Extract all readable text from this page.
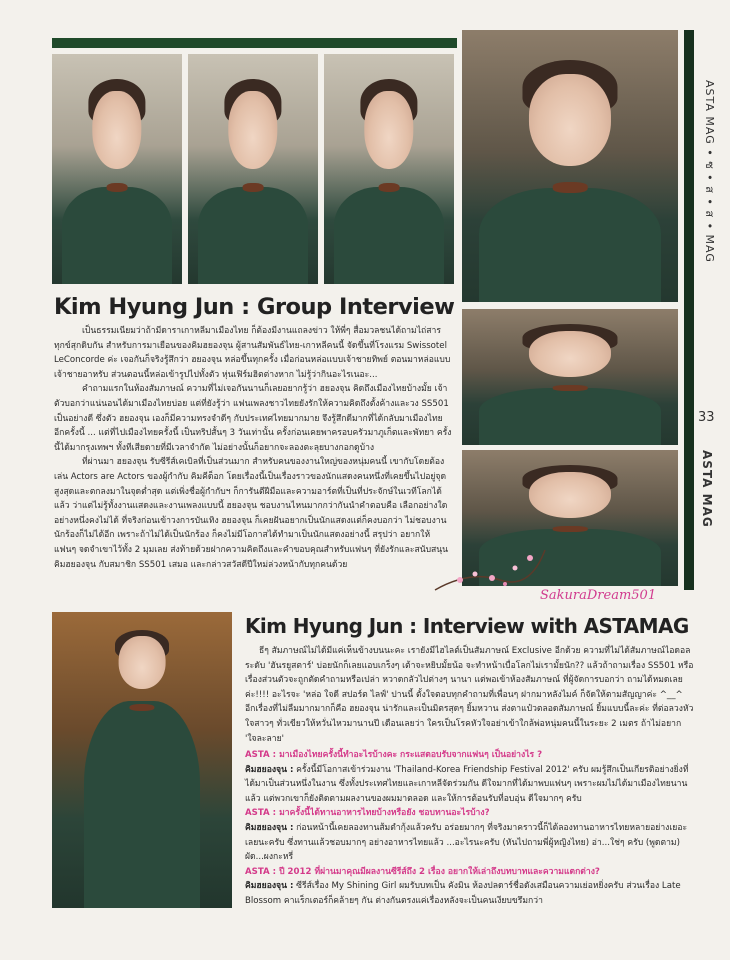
ASTA MAG • ซ • ส • ส • MAG
33
ASTA MAG
Kim Hyung Jun : Group Interview

เป็นธรรมเนียมว่าถ้ามีดาราเกาหลีมาเมืองไทย ก็ต้องมีงานแถลงข่าว ให้พี่ๆ สื่อมวลชนได้ถามไถ่สารทุกข์สุกดิบกัน สำหรับการมาเยือนของคิมฮยองจุน ผู้สานสัมพันธ์ไทย-เกาหลีคนนี้ จัดขึ้นที่โรงแรม Swissotel LeConcorde ค่ะ เจอกันก็จริงรู้สึกว่า ฮยองจุน หล่อขึ้นทุกครั้ง เมื่อก่อนหล่อแบบเจ้าชายทิพย์ ตอนมาหล่อแบบเจ้าชายอาหรับ ส่วนตอนนี้หล่อเข้ารูปไปทั้งตัว หุ่นเฟิร์มฮิตต่างหาก ไม่รู้ว่ากินอะไรเนอะ...

คำถามแรกในห้องสัมภาษณ์ ความที่ไม่เจอกันนานก็เลยอยากรู้ว่า ฮยองจุน คิดถึงเมืองไทยบ้างมั้ย เจ้าตัวบอกว่าแน่นอนได้มาเมืองไทยบ่อย แต่ที่ยังรู้ว่า แฟนเพลงชาวไทยยังรักให้ความคิดถึงตั้งค้างและวง SS501 เป็นอย่างดี ซึ่งตัว ฮยองจุน เองก็มีความทรงจำดีๆ กับประเทศไทยมากมาย จึงรู้สึกดีมากที่ได้กลับมาเมืองไทยอีกครั้งนี้ ... แต่ที่ไปเมืองไทยครั้งนี้ เป็นทริปสั้นๆ 3 วันเท่านั้น ครั้งก่อนเคยพาครอบครัวมาภูเก็ตและพัทยา ครั้งนี้ได้มากรุงเทพฯ ทั้งทีเสียดายที่มีเวลาจำกัด ไม่อย่างนั้นก็อยากจะลองตะลุยบางกอกดูบ้าง

ที่ผ่านมา ฮยองจุน รับซีรีส์เคเบิลที่เป็นส่วนมาก สำหรับคนของงานใหญ่ของหนุ่มคนนี้ เขากับโดยต้องเล่น Actors are Actors ของผู้กำกับ คิมคีด็อก โดยเรื่องนี้เป็นเรื่องราวของนักแสดงคนหนึ่งที่เคยขึ้นไปอยู่จุดสูงสุดและตกลงมาในจุดต่ำสุด แต่เพิ่งชื่อผู้กำกับฯ ก็การันตีฝีมือและความอาร์ตที่เป็นที่ประจักษ์ในเวทีโลกได้แล้ว ว่าแต่ไม่รู้ทั้งงานแสดงและงานเพลงแบบนี้ ฮยองจุน ชอบงานไหนมากกว่ากันนำคำตอบคือ เลือกอย่างใดอย่างหนึ่งคงไม่ได้ ที่จริงก่อนเข้าวงการบันเทิง ฮยองจุน ก็เคยฝันอยากเป็นนักแสดงแต่ก็คงบอกว่า ไม่ชอบงานนักร้องก็ไม่ได้อีก เพราะถ้าไม่ได้เป็นนักร้อง ก็คงไม่มีโอกาสได้ทำมาเป็นนักแสดงอย่างนี้ สรุปว่า อยากให้แฟนๆ จดจำเขาไว้ทั้ง 2 มุมเลย ส่งท้ายด้วยฝากความคิดถึงและคำขอบคุณสำหรับแฟนๆ ที่ยังรักและสนับสนุน คิมฮยองจุน กับสมาชิก SS501 เสมอ และกล่าวสวัสดีปีใหม่ล่วงหน้ากับทุกคนด้วย

SakuraDream501
Kim Hyung Jun : Interview with ASTAMAG
ธีๆ สัมภาษณ์ไม่ได้มีแค่เห็นข้างบนนะคะ เรายังมีไฮไลต์เป็นสัมภาษณ์ Exclusive อีกด้วย ความที่ไม่ได้สัมภาษณ์ไอดอลระดับ 'ฮันรยูสตาร์' บ่อยนักก็เลยแอบเกร็งๆ เต้าจะหยิบมั้ยน้อ จะทำหน้าเบื่อโลกไม่เรามั้ยนัก?? แล้วถ้าถามเรื่อง SS501 หรือเรื่องส่วนตัวจะถูกตัดคำถามหรือเปล่า หวาดกลัวไปต่างๆ นานา แต่พอเข้าห้องสัมภาษณ์ ที่ผู้จัดการบอกว่า ถามได้หมดเลยค่ะ!!!! อะไรจะ 'หล่อ ใจดี สปอร์ต ไลฟ์' ปานนี้ ตั้งใจตอบทุกคำถามที่เพื่อนๆ ฝากมาหลังไมค์ ก็จัดให้ตามสัญญาค่ะ ^__^ อีกเรื่องที่ไม่ลืมมากมากก็คือ ฮยองจุน น่ารักและเป็นมิตรสุดๆ ยิ้มหวาน ส่งตาแป๋วตลอดสัมภาษณ์ ยิ้มแบบนี้ละค่ะ ที่ต่อลวงหัวใจสาวๆ ทั่วเขียวให้หวั่นไหวมานานปี เดือนเลยว่า ใครเป็นโรคหัวใจอย่าเข้าใกล้พ่อหนุ่มคนนี้ในระยะ 2 เมตร ถ้าไม่อยาก 'ใจละลาย'

ASTA : มาเมืองไทยครั้งนี้ทำอะไรบ้างคะ กระแสตอบรับจากแฟนๆ เป็นอย่างไร ?

คิมฮยองจุน : ครั้งนี้มีโอกาสเข้าร่วมงาน 'Thailand-Korea Friendship Festival 2012' ครับ ผมรู้สึกเป็นเกียรติอย่างยิ่งที่ได้มาเป็นส่วนหนึ่งในงาน ซึ่งทั้งประเทศไทยและเกาหลีจัดร่วมกัน ดีใจมากที่ได้มาพบแฟนๆ เพราะผมไม่ได้มาเมืองไทยนานแล้ว แต่พวกเขาก็ยังติดตามผลงานของผมมาตลอด และให้การต้อนรับที่อบอุ่น ดีใจมากๆ ครับ

ASTA : มาครั้งนี้ได้ทานอาหารไทยบ้างหรือยัง ชอบทานอะไรบ้าง?

คิมฮยองจุน : ก่อนหน้านี้เคยลองทานส้มตำกุ้งแล้วครับ อร่อยมากๆ ที่จริงมาคราวนี้ก็ได้ลองทานอาหารไทยหลายอย่างเยอะเลยนะครับ ซึ่งทานแล้วชอบมากๆ อย่างอาหารไทยแล้ว ...อะไรนะครับ (หันไปถามพี่ผู้หญิงไทย) อ่า...ใช่ๆ ครับ (พูดตาม) ผัด...ผงกะหรี่

ASTA : ปี 2012 ที่ผ่านมาคุณมีผลงานซีรีส์ถึง 2 เรื่อง อยากให้เล่าถึงบทบาทและความแตกต่าง?

คิมฮยองจุน : ซีรีส์เรื่อง My Shining Girl ผมรับบทเป็น คังมิน ห้องปลดาร์ชื่อดังเสมือนความเย่อหยิ่งครับ ส่วนเรื่อง Late Blossom คาแร็กเตอร์ก็คล้ายๆ กัน ต่างกันตรงแค่เรื่องหลังจะเป็นคนเงียบขรึมกว่า
